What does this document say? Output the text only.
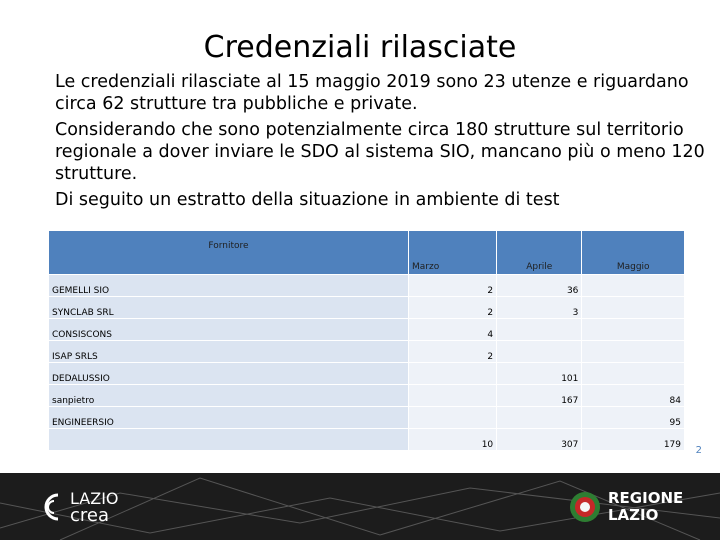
Credenziali rilasciate

Le credenziali rilasciate al 15 maggio 2019 sono 23 utenze e riguardano circa 62 strutture tra pubbliche e private.

Considerando che sono potenzialmente circa 180 strutture sul territorio regionale a dover inviare le SDO al sistema SIO, mancano più o meno 120 strutture.

Di seguito un estratto della situazione in ambiente di test

Fornitore	Marzo	Aprile	Maggio
GEMELLI SIO	2	36	
SYNCLAB SRL	2	3	
CONSISCONS	4		
ISAP SRLS	2		
DEDALUSSIO		101	
sanpietro		167	84
ENGINEERSIO			95
	10	307	179 2
LAZIO
crea
REGIONE
LAZIO
